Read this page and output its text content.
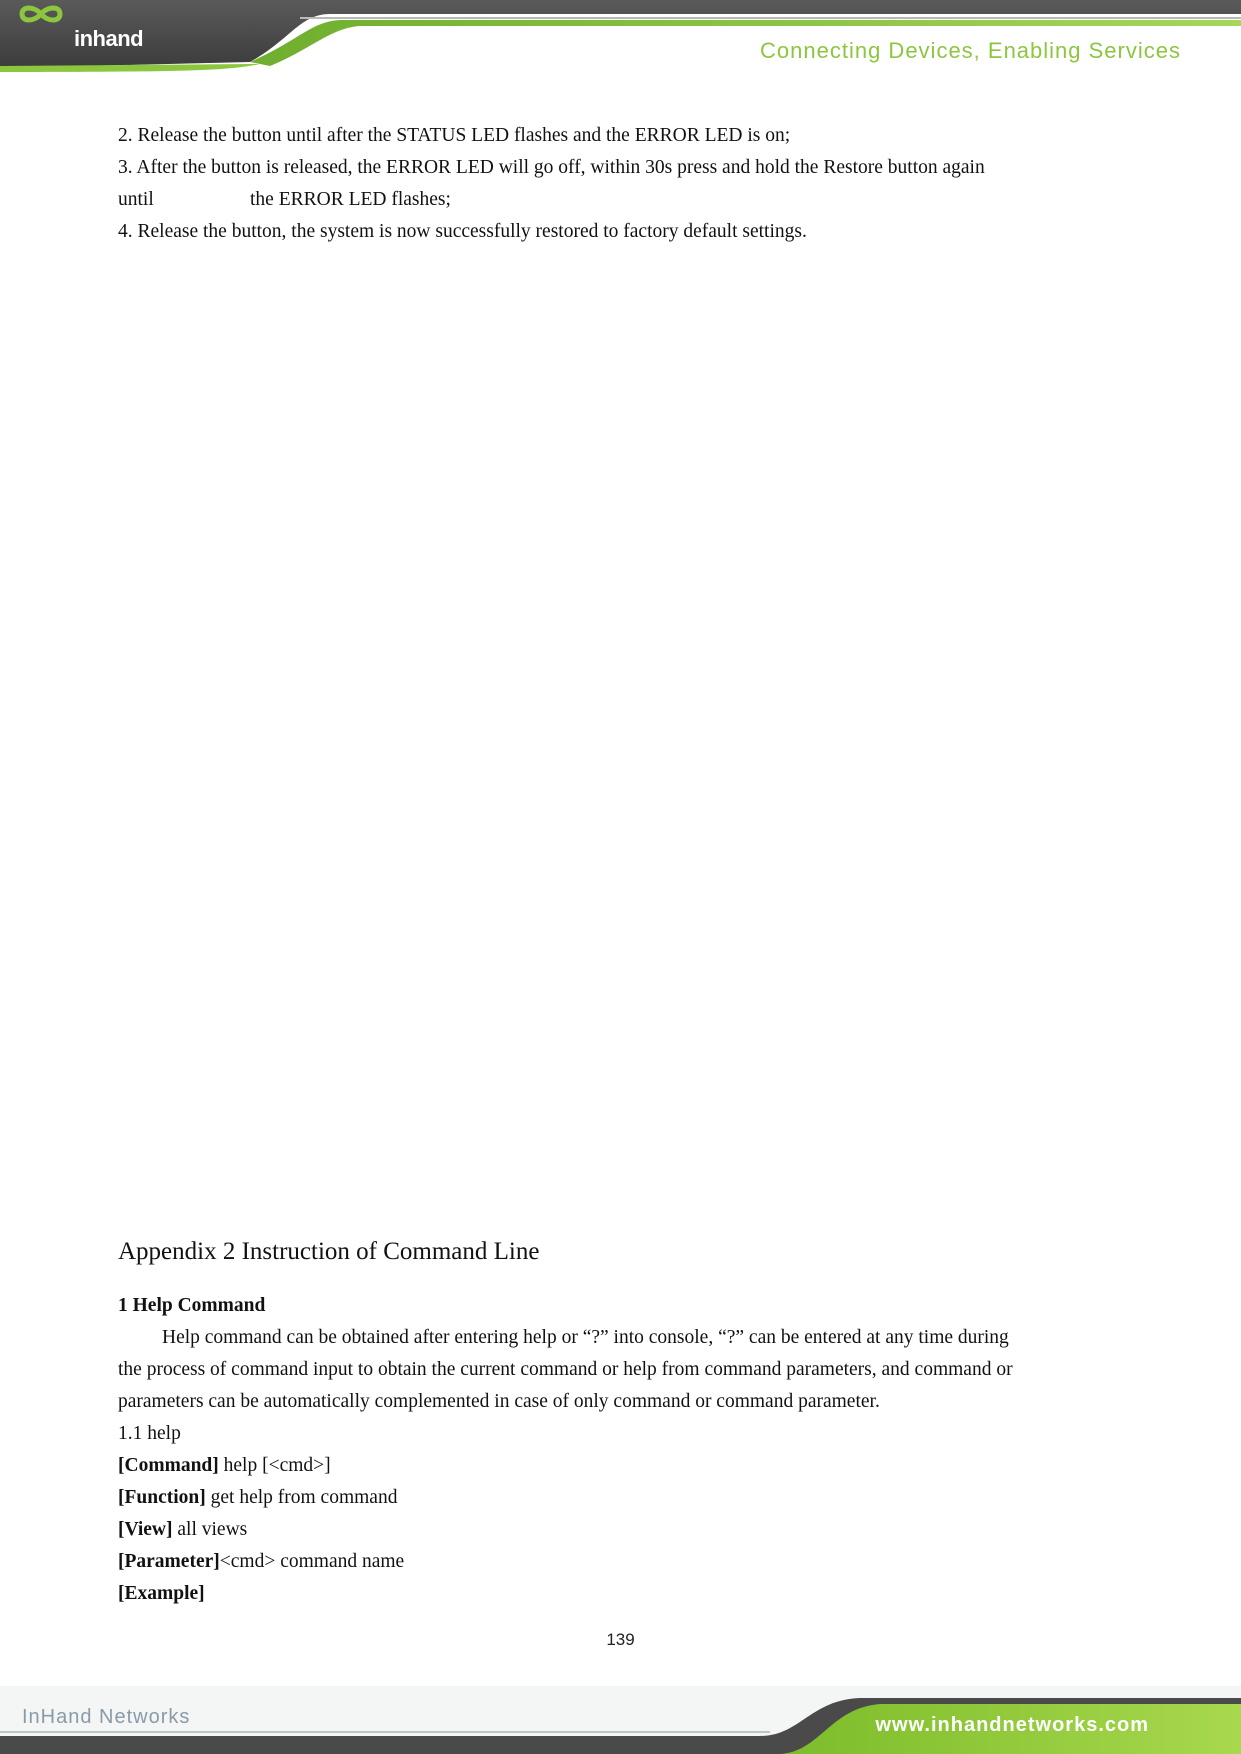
inhand	Connecting Devices, Enabling Services
2. Release the button until after the STATUS LED flashes and the ERROR LED is on;
3. After the button is released, the ERROR LED will go off, within 30s press and hold the Restore button again
until	the ERROR LED flashes;
4. Release the button, the system is now successfully restored to factory default settings.
Appendix 2 Instruction of Command Line
1 Help Command
Help command can be obtained after entering help or “?” into console, “?” can be entered at any time during
the process of command input to obtain the current command or help from command parameters, and command or
parameters can be automatically complemented in case of only command or command parameter.
1.1 help
[Command] help [<cmd>]
[Function] get help from command
[View] all views
[Parameter]<cmd> command name
[Example]
139
InHand Networks	www.inhandnetworks.com
